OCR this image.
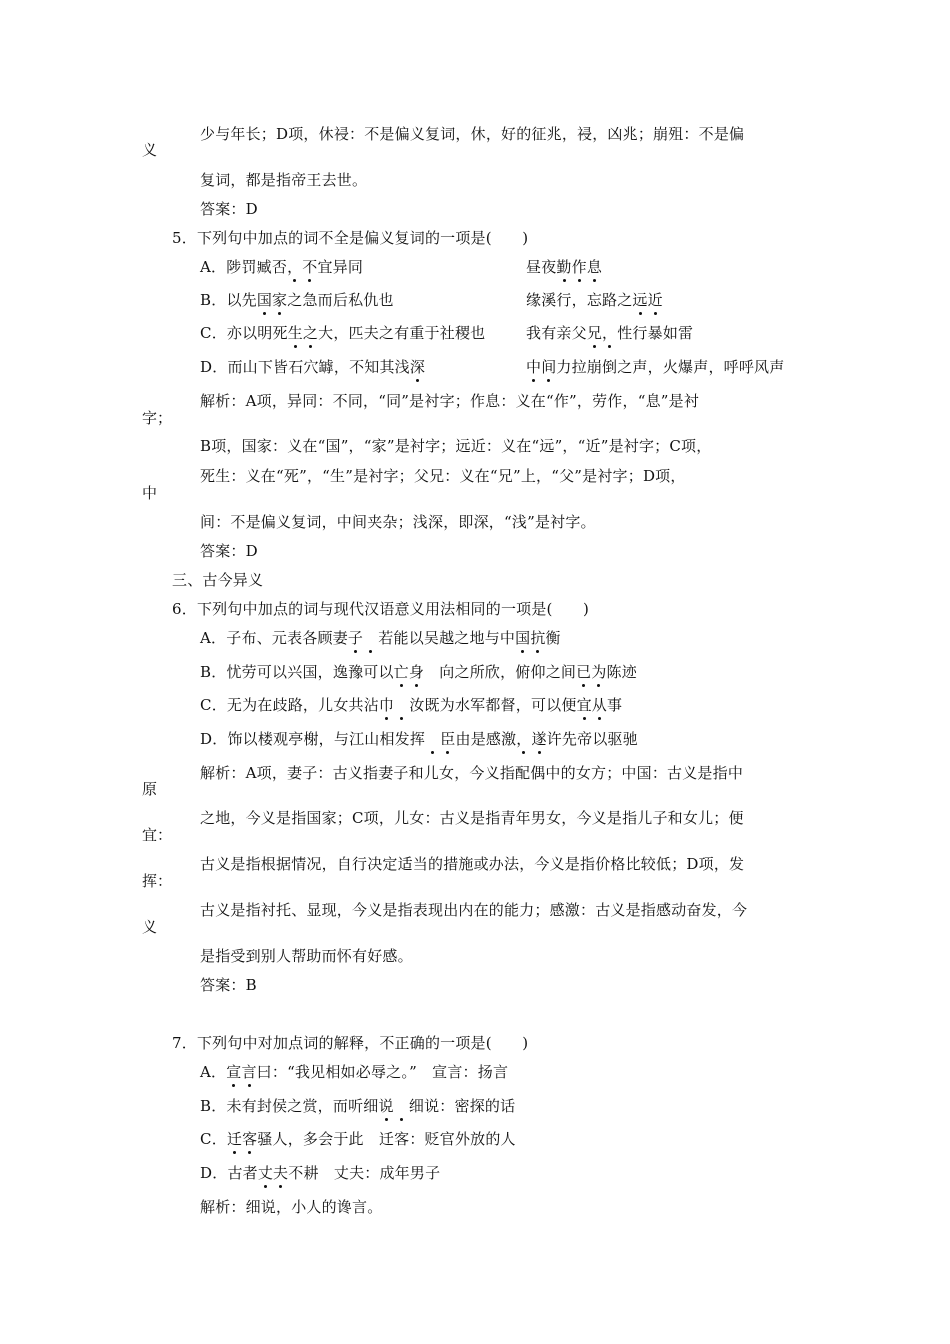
少与年长；D项，休祲：不是偏义复词，休，好的征兆，祲，凶兆；崩殂：不是偏
复词，都是指帝王去世。
答案：D
5．下列句中加点的词不全是偏义复词的一项是(　　)
A．陟罚臧否，不宜异同	昼夜勤作息
B．以先国家之急而后私仇也	缘溪行，忘路之远近
C．亦以明死生之大，匹夫之有重于社稷也	我有亲父兄，性行暴如雷
D．而山下皆石穴罅，不知其浅深	中间力拉崩倒之声，火爆声，呼呼风声
解析：A项，异同：不同，“同”是衬字；作息：义在“作”，劳作，“息”是衬
B项，国家：义在“国”，“家”是衬字；远近：义在“远”，“近”是衬字；C项，
死生：义在“死”，“生”是衬字；父兄：义在“兄”上，“父”是衬字；D项，
间：不是偏义复词，中间夹杂；浅深，即深，“浅”是衬字。
答案：D
三、古今异义
6．下列句中加点的词与现代汉语意义用法相同的一项是(　　)
A．子布、元表各顾妻子　 若能以吴越之地与中国抗衡
B．忧劳可以兴国，逸豫可以亡身　 向之所欣，俯仰之间已为陈迹
C．无为在歧路，儿女共沾巾　 汝既为水军都督，可以便宜从事
D．饰以楼观亭榭，与江山相发挥　 臣由是感激，遂许先帝以驱驰
解析：A项，妻子：古义指妻子和儿女，今义指配偶中的女方；中国：古义是指中
之地，今义是指国家；C项，儿女：古义是指青年男女，今义是指儿子和女儿；便
古义是指根据情况，自行决定适当的措施或办法，今义是指价格比较低；D项，发
古义是指衬托、显现，今义是指表现出内在的能力；感激：古义是指感动奋发，今
是指受到别人帮助而怀有好感。
答案：B
7．下列句中对加点词的解释，不正确的一项是(　　)
A．宣言曰：“我见相如必辱之。”　 宣言：扬言
B．未有封侯之赏，而听细说　 细说：密探的话
C．迁客骚人，多会于此　 迁客：贬官外放的人
D．古者丈夫不耕　 丈夫：成年男子
解析：细说，小人的谗言。
义
字；
中
原
宜：
挥：
义
